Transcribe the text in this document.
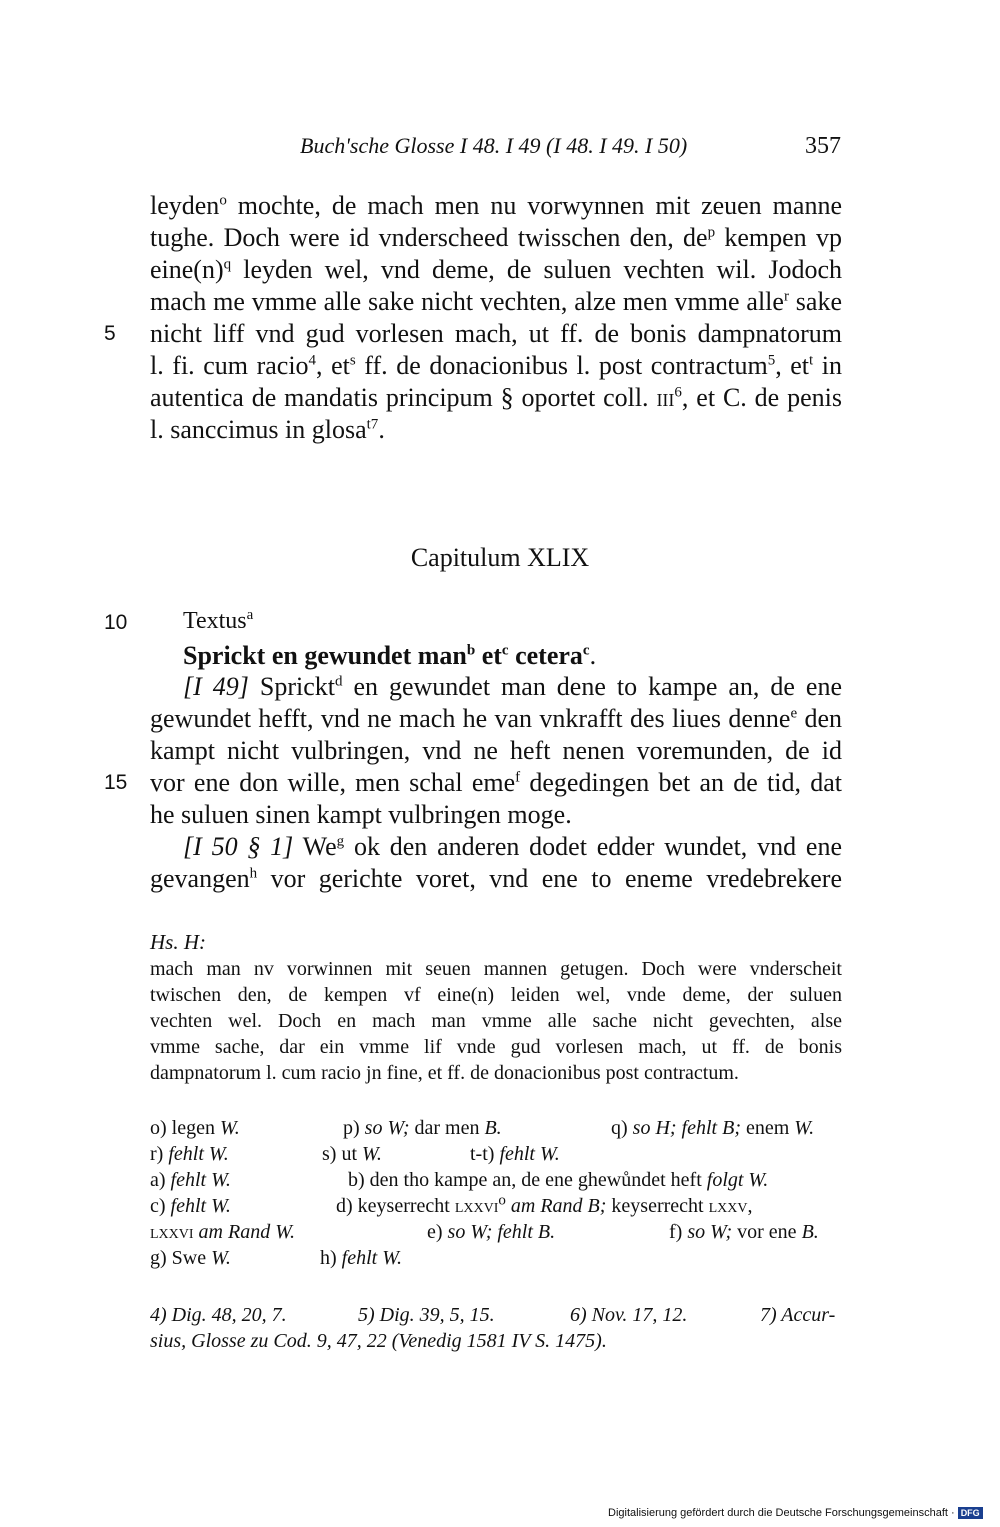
Buch'sche Glosse I 48. I 49 (I 48. I 49. I 50)	357
leyden$^o$ mochte, de mach men nu vorwynnen mit zeuen manne
tughe. Doch were id vnderscheed twisschen den, $de^p$ kempen vp
$eine(n)^q$ leyden wel, vnd deme, de suluen vechten wil. Jodoch
mach me vmme alle sake nicht vechten, alze men vmme alle$^r$ sake
5 nicht liff vnd gud vorlesen mach, ut ff. de bonis dampnatorum
l. fi. cum racio$^4$, $et^s$ ff. de donacionibus l. post contractum$^5$, $et^t$ in
autentica de mandatis principum § oportet coll. iii$^6$, et C. de penis
l. sanccimus in glosa$^{t7}$.
Capitulum XLIX
10 Textus$^a$
Sprickt en gewundet man$^b$ $et^c$ cetera$^c$.
[I 49] Sprickt$^d$ en gewundet man dene to kampe an, de ene
gewundet hefft, vnd ne mach he van vnkrafft des liues denne$^e$ den
kampt nicht vulbringen, vnd ne heft nenen voremunden, de id
15 vor ene don wille, men schal eme$^f$ degedingen bet an de tid, dat
he suluen sinen kampt vulbringen moge.
[I 50 § 1] We$^g$ ok den anderen dodet edder wundet, vnd ene
gevangen$^h$ vor gerichte voret, vnd ene to eneme vredebrekere
Hs. H:
mach man nv vorwinnen mit seuen mannen getugen. Doch were vnderscheit
twischen den, de kempen vf eine(n) leiden wel, vnde deme, der suluen
vechten wel. Doch en mach man vmme alle sache nicht gevechten, alse
vmme sache, dar ein vmme lif vnde gud vorlesen mach, ut ff. de bonis
dampnatorum l. cum racio jn fine, et ff. de donacionibus post contractum.
o) legen W.	p) so W; dar men B.	q) so H; fehlt B; enem W.
r) fehlt W.	s) ut W.	t-t) fehlt W.
a) fehlt W.	b) den tho kampe an, de ene ghewůndet heft folgt W.
c) fehlt W.	d) keyserrecht lxxvi$^o$ am Rand B; keyserrecht lxxv,
lxxvi am Rand W.	e) so W; fehlt B.	f) so W; vor ene B.
g) Swe W.	h) fehlt W.
4) Dig. 48, 20, 7.	5) Dig. 39, 5, 15.	6) Nov. 17, 12.	7) Accur-
sius, Glosse zu Cod. 9, 47, 22 (Venedig 1581 IV S. 1475).
Digitalisierung gefördert durch die Deutsche Forschungsgemeinschaft · DFG
